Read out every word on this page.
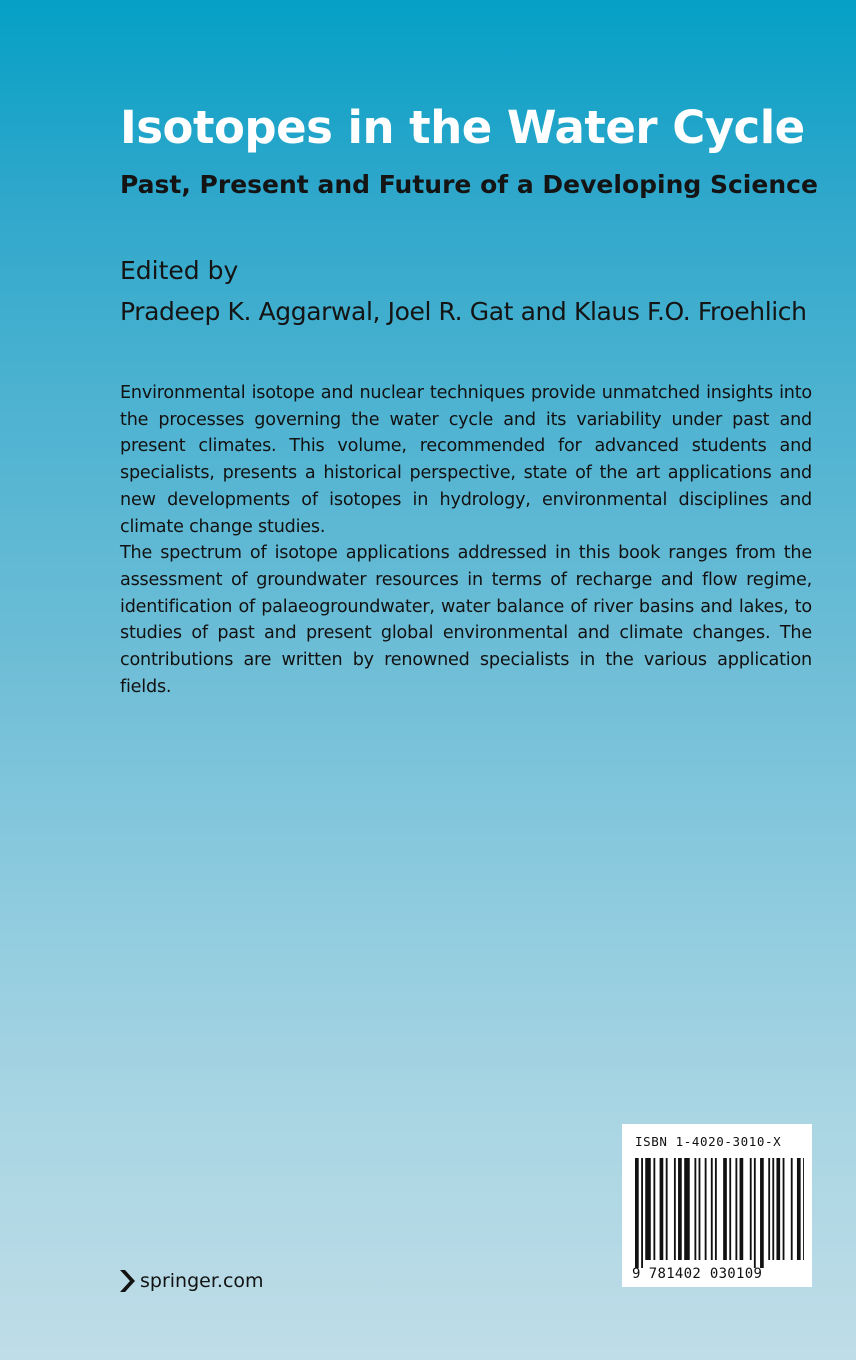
Isotopes in the Water Cycle
Past, Present and Future of a Developing Science
Edited by
Pradeep K. Aggarwal, Joel R. Gat and Klaus F.O. Froehlich

Environmental isotope and nuclear techniques provide unmatched insights into the processes governing the water cycle and its variability under past and present climates. This volume, recommended for advanced students and specialists, presents a historical perspective, state of the art applications and new developments of isotopes in hydrology, environmental disciplines and climate change studies.

The spectrum of isotope applications addressed in this book ranges from the assessment of groundwater resources in terms of recharge and flow regime, identification of palaeogroundwater, water balance of river basins and lakes, to studies of past and present global environmental and climate changes. The contributions are written by renowned specialists in the various application fields.

springer.com
ISBN 1-4020-3010-X
9 781402 030109
